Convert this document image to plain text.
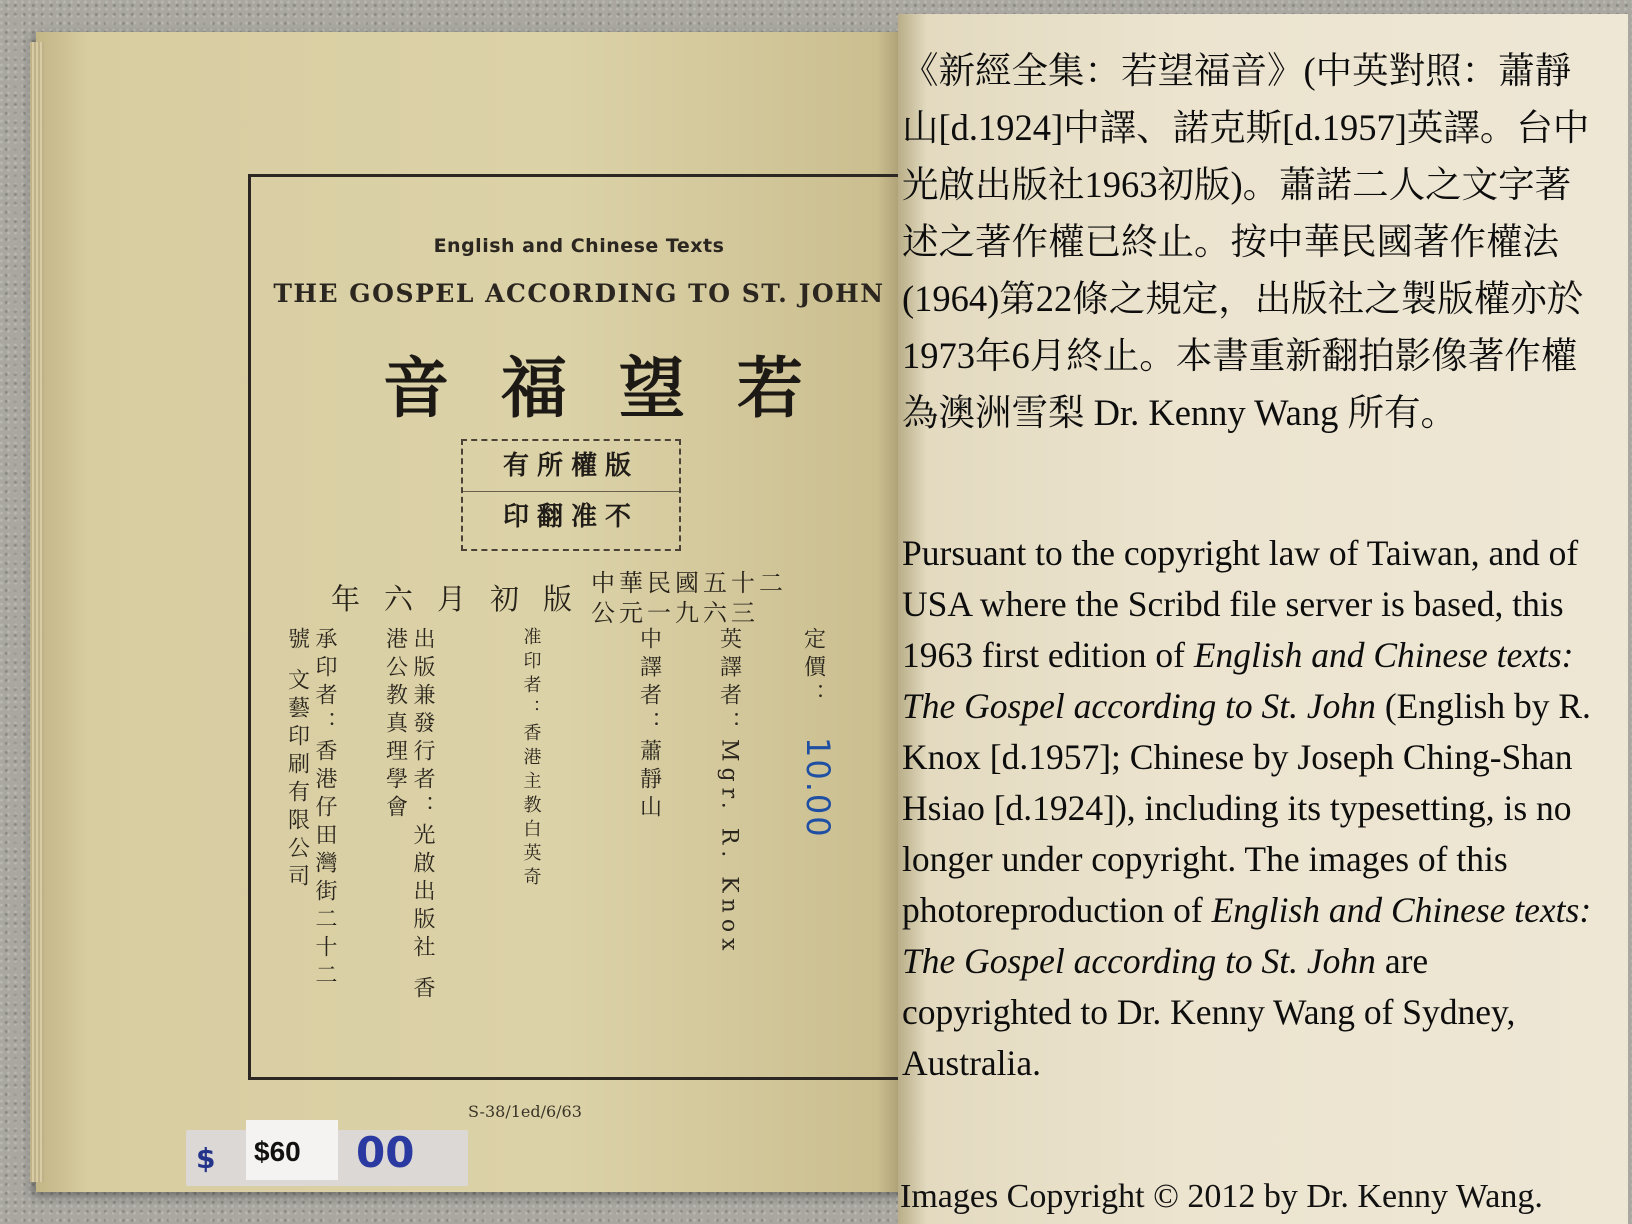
English and Chinese Texts
THE GOSPEL ACCORDING TO ST. JOHN
音福望若
有所權版
印翻准不
中華民國五十二
公元一九六三
年六月初版
定價：
10.00
英譯者：Mgr. R. Knox
中譯者：蕭靜山
准印者：香港主教白英奇
出版兼發行者：光啟出版社 香港公教真理學會
承印者：香港仔田灣街二十二號 文藝印刷有限公司
S-38/1ed/6/63
$ $60 00
《新經全集：若望福音》(中英對照：蕭靜山[d.1924]中譯、諾克斯[d.1957]英譯。台中光啟出版社1963初版)。蕭諾二人之文字著述之著作權已終止。按中華民國著作權法(1964)第22條之規定，出版社之製版權亦於1973年6月終止。本書重新翻拍影像著作權為澳洲雪梨 Dr. Kenny Wang 所有。
Pursuant to the copyright law of Taiwan, and of USA where the Scribd file server is based, this 1963 first edition of English and Chinese texts: The Gospel according to St. John (English by R. Knox [d.1957]; Chinese by Joseph Ching-Shan Hsiao [d.1924]), including its typesetting, is no longer under copyright. The images of this photoreproduction of English and Chinese texts: The Gospel according to St. John are copyrighted to Dr. Kenny Wang of Sydney, Australia.
Images Copyright © 2012 by Dr. Kenny Wang.
